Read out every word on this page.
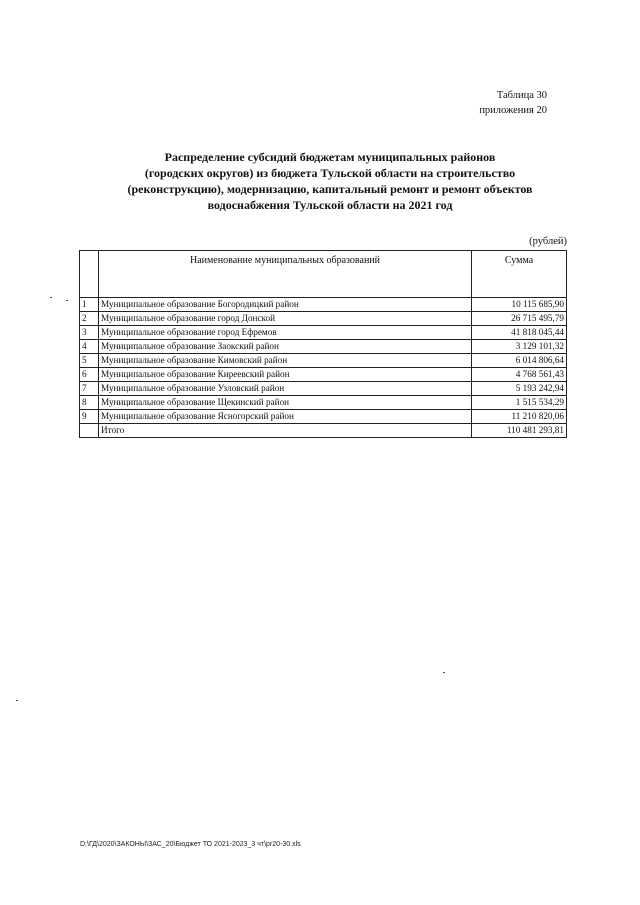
Таблица 30
приложения 20
Распределение субсидий бюджетам муниципальных районов
(городских округов) из бюджета Тульской области на строительство
(реконструкцию), модернизацию, капитальный ремонт и ремонт объектов
водоснабжения Тульской области на 2021 год
(рублей)
	Наименование муниципальных образований	Сумма
1	Муниципальное образование Богородицкий район	10 115 685,90
2	Муниципальное образование город Донской	26 715 495,79
3	Муниципальное образование город Ефремов	41 818 045,44
4	Муниципальное образование Заокский район	3 129 101,32
5	Муниципальное образование Кимовский район	6 014 806,64
6	Муниципальное образование Киреевский район	4 768 561,43
7	Муниципальное образование Узловский район	5 193 242,94
8	Муниципальное образование Щекинский район	1 515 534,29
9	Муниципальное образование Ясногорский район	11 210 820,06
	Итого	110 481 293,81
D:\ГД\2020\ЗАКОНЫ\ЗАС_20\Бюджет ТО 2021-2023_3 чт\pr20-30.xls
